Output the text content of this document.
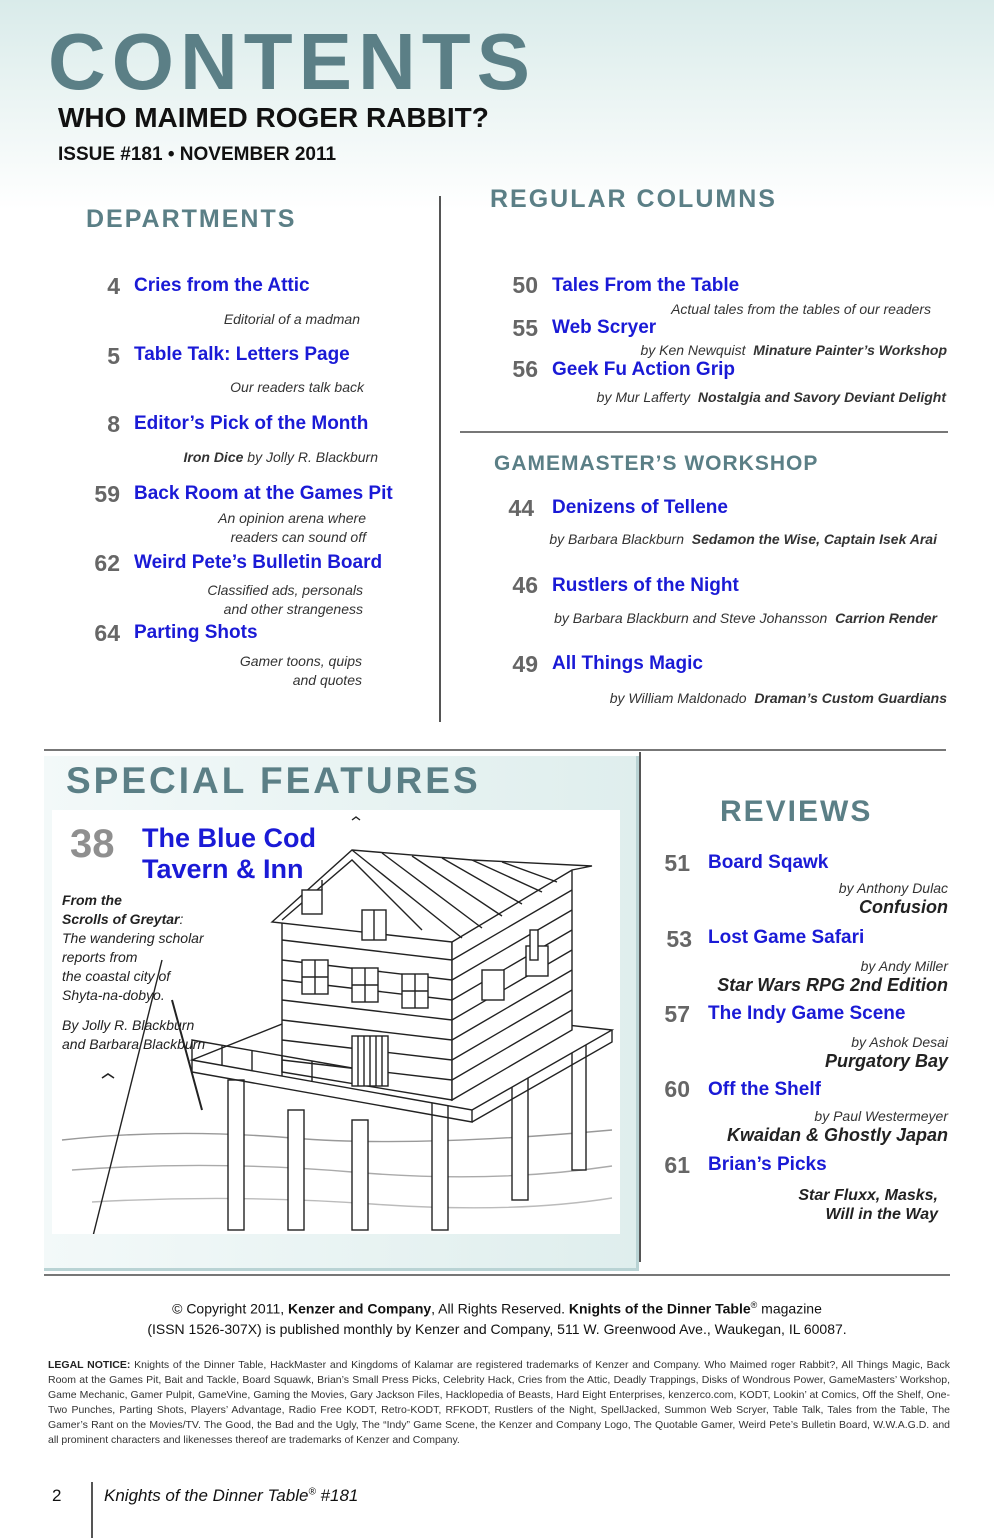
CONTENTS
WHO MAIMED ROGER RABBIT?
ISSUE #181 • NOVEMBER 2011
DEPARTMENTS
4 Cries from the Attic
Editorial of a madman
5 Table Talk: Letters Page
Our readers talk back
8 Editor’s Pick of the Month
Iron Dice by Jolly R. Blackburn
59 Back Room at the Games Pit
An opinion arena where
readers can sound off
62 Weird Pete’s Bulletin Board
Classified ads, personals
and other strangeness
64 Parting Shots
Gamer toons, quips
and quotes
REGULAR COLUMNS
50 Tales From the Table
Actual tales from the tables of our readers
55 Web Scryer
by Ken Newquist Minature Painter’s Workshop
56 Geek Fu Action Grip
by Mur Lafferty Nostalgia and Savory Deviant Delight
GAMEMASTER’S WORKSHOP
44 Denizens of Tellene
by Barbara Blackburn Sedamon the Wise, Captain Isek Arai
46 Rustlers of the Night
by Barbara Blackburn and Steve Johansson Carrion Render
49 All Things Magic
by William Maldonado Draman’s Custom Guardians
SPECIAL FEATURES
38 The Blue Cod
Tavern & Inn
From the
Scrolls of Greytar:
The wandering scholar
reports from
the coastal city of
Shyta-na-dobyo.
By Jolly R. Blackburn
and Barbara Blackburn
REVIEWS
51 Board Sqawk
by Anthony Dulac
Confusion
53 Lost Game Safari
by Andy Miller
Star Wars RPG 2nd Edition
57 The Indy Game Scene
by Ashok Desai
Purgatory Bay
60 Off the Shelf
by Paul Westermeyer
Kwaidan & Ghostly Japan
61 Brian’s Picks
Star Fluxx, Masks,
Will in the Way
© Copyright 2011, Kenzer and Company, All Rights Reserved. Knights of the Dinner Table® magazine
(ISSN 1526-307X) is published monthly by Kenzer and Company, 511 W. Greenwood Ave., Waukegan, IL 60087.
LEGAL NOTICE: Knights of the Dinner Table, HackMaster and Kingdoms of Kalamar are registered trademarks of Kenzer and Company. Who Maimed roger Rabbit?, All Things Magic, Back Room at the Games Pit, Bait and Tackle, Board Squawk, Brian’s Small Press Picks, Celebrity Hack, Cries from the Attic, Deadly Trappings, Disks of Wondrous Power, GameMasters’ Workshop, Game Mechanic, Gamer Pulpit, GameVine, Gaming the Movies, Gary Jackson Files, Hacklopedia of Beasts, Hard Eight Enterprises, kenzerco.com, KODT, Lookin’ at Comics, Off the Shelf, One-Two Punches, Parting Shots, Players’ Advantage, Radio Free KODT, Retro-KODT, RFKODT, Rustlers of the Night, SpellJacked, Summon Web Scryer, Table Talk, Tales from the Table, The Gamer’s Rant on the Movies/TV. The Good, the Bad and the Ugly, The “Indy” Game Scene, the Kenzer and Company Logo, The Quotable Gamer, Weird Pete’s Bulletin Board, W.W.A.G.D. and all prominent characters and likenesses thereof are trademarks of Kenzer and Company.
2	Knights of the Dinner Table® #181
